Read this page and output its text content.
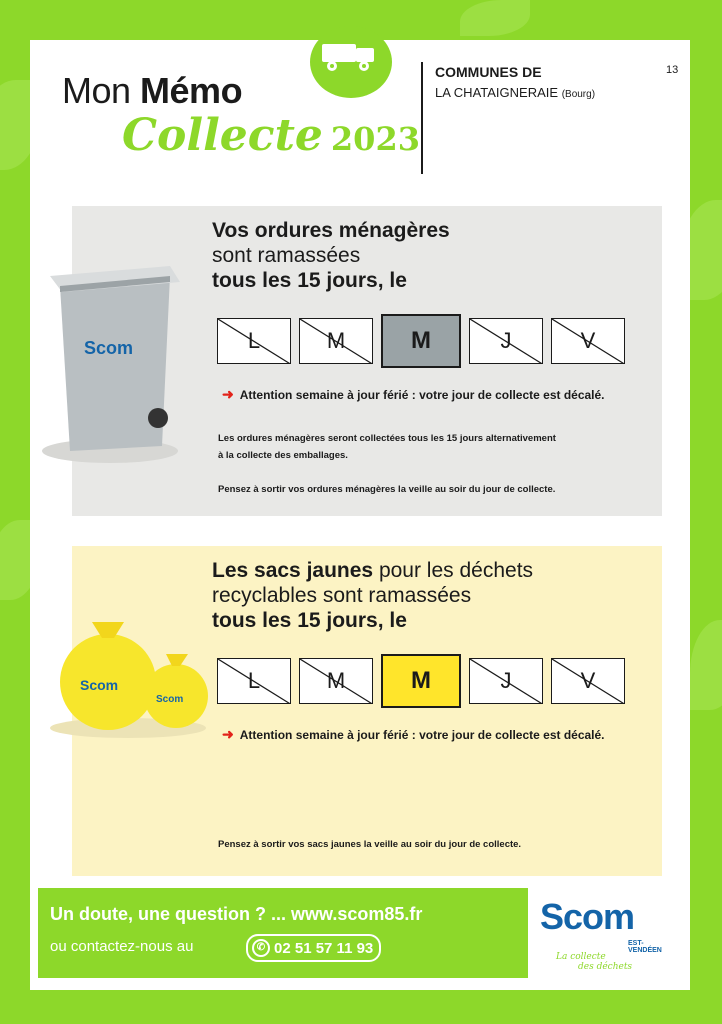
Mon Mémo
Collecte 2023
COMMUNES DE
LA CHATAIGNERAIE (Bourg)
13
Scom
Vos ordures ménagères
sont ramassées
tous les 15 jours, le
L	M	M	J	V
➜ Attention semaine à jour férié : votre jour de collecte est décalé.
Les ordures ménagères seront collectées tous les 15 jours alternativement
à la collecte des emballages.

Pensez à sortir vos ordures ménagères la veille au soir du jour de collecte.
Scom
Scom
Les sacs jaunes pour les déchets
recyclables sont ramassées
tous les 15 jours, le
L	M	M	J	V
➜ Attention semaine à jour férié : votre jour de collecte est décalé.
Pensez à sortir vos sacs jaunes la veille au soir du jour de collecte.
Un doute, une question ? ... www.scom85.fr
ou contactez-nous au	✆ 02 51 57 11 93
Scom
EST-VENDÉEN
La collecte
des déchets
